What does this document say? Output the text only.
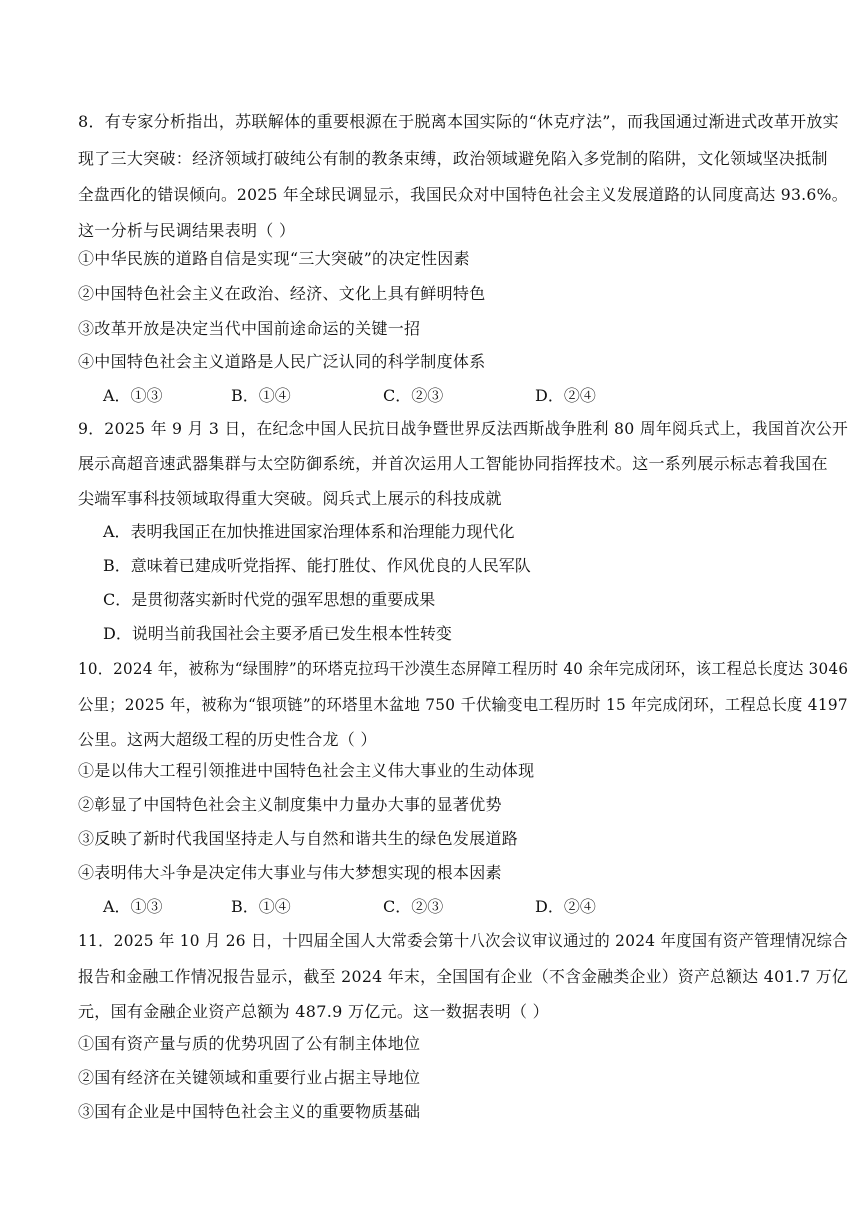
8．有专家分析指出，苏联解体的重要根源在于脱离本国实际的“休克疗法”，而我国通过渐进式改革开放实
现了三大突破：经济领域打破纯公有制的教条束缚，政治领域避免陷入多党制的陷阱，文化领域坚决抵制
全盘西化的错误倾向。2025 年全球民调显示，我国民众对中国特色社会主义发展道路的认同度高达 93.6%。
这一分析与民调结果表明（ ）
①中华民族的道路自信是实现“三大突破”的决定性因素
②中国特色社会主义在政治、经济、文化上具有鲜明特色
③改革开放是决定当代中国前途命运的关键一招
④中国特色社会主义道路是人民广泛认同的科学制度体系
A．①③	B．①④	C．②③	D．②④
9．2025 年 9 月 3 日，在纪念中国人民抗日战争暨世界反法西斯战争胜利 80 周年阅兵式上，我国首次公开
展示高超音速武器集群与太空防御系统，并首次运用人工智能协同指挥技术。这一系列展示标志着我国在
尖端军事科技领域取得重大突破。阅兵式上展示的科技成就
A．表明我国正在加快推进国家治理体系和治理能力现代化
B．意味着已建成听党指挥、能打胜仗、作风优良的人民军队
C．是贯彻落实新时代党的强军思想的重要成果
D．说明当前我国社会主要矛盾已发生根本性转变
10．2024 年，被称为“绿围脖”的环塔克拉玛干沙漠生态屏障工程历时 40 余年完成闭环，该工程总长度达 3046
公里；2025 年，被称为“银项链”的环塔里木盆地 750 千伏输变电工程历时 15 年完成闭环，工程总长度 4197
公里。这两大超级工程的历史性合龙（ ）
①是以伟大工程引领推进中国特色社会主义伟大事业的生动体现
②彰显了中国特色社会主义制度集中力量办大事的显著优势
③反映了新时代我国坚持走人与自然和谐共生的绿色发展道路
④表明伟大斗争是决定伟大事业与伟大梦想实现的根本因素
A．①③	B．①④	C．②③	D．②④
11．2025 年 10 月 26 日，十四届全国人大常委会第十八次会议审议通过的 2024 年度国有资产管理情况综合
报告和金融工作情况报告显示，截至 2024 年末，全国国有企业（不含金融类企业）资产总额达 401.7 万亿
元，国有金融企业资产总额为 487.9 万亿元。这一数据表明（ ）
①国有资产量与质的优势巩固了公有制主体地位
②国有经济在关键领域和重要行业占据主导地位
③国有企业是中国特色社会主义的重要物质基础
